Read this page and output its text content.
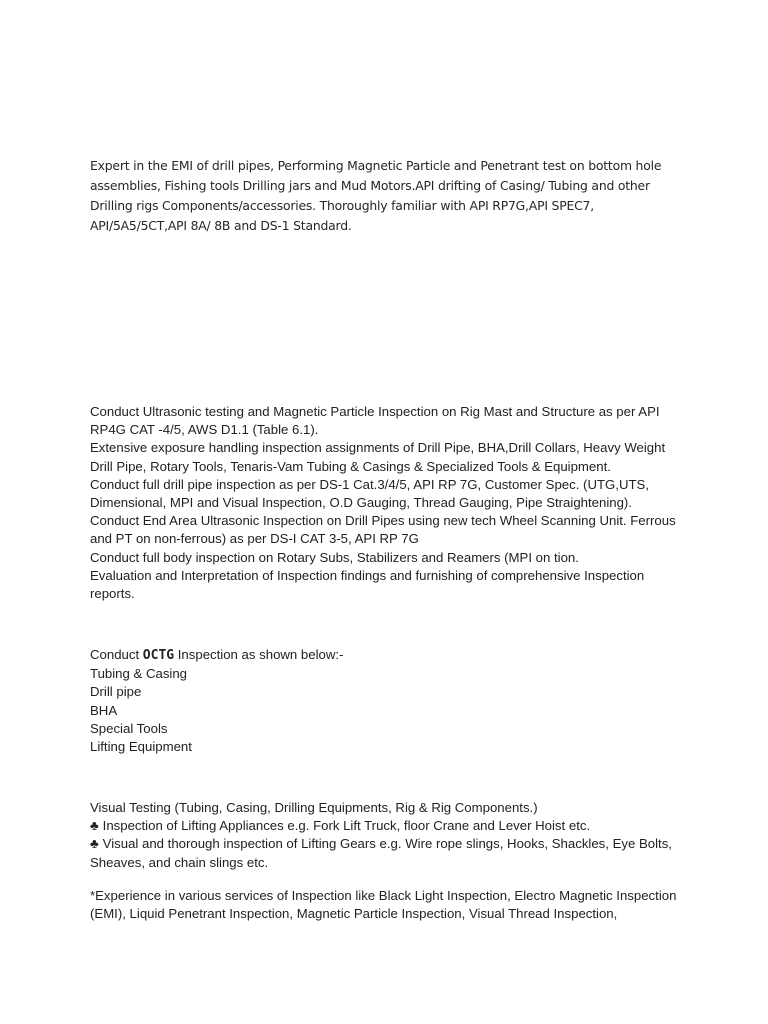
Expert in the EMI of drill pipes, Performing Magnetic Particle and Penetrant test on bottom hole assemblies, Fishing tools Drilling jars and Mud Motors.API drifting of Casing/ Tubing and other Drilling rigs Components/accessories. Thoroughly familiar with API RP7G,API SPEC7, API/5A5/5CT,API 8A/ 8B and DS-1 Standard.

Conduct Ultrasonic testing and Magnetic Particle Inspection on Rig Mast and Structure as per API RP4G CAT -4/5, AWS D1.1 (Table 6.1).

Extensive exposure handling inspection assignments of Drill Pipe, BHA,Drill Collars, Heavy Weight Drill Pipe, Rotary Tools, Tenaris-Vam Tubing & Casings & Specialized Tools & Equipment.

Conduct full drill pipe inspection as per DS-1 Cat.3/4/5, API RP 7G, Customer Spec. (UTG,UTS, Dimensional, MPI and Visual Inspection, O.D Gauging, Thread Gauging, Pipe Straightening).

Conduct End Area Ultrasonic Inspection on Drill Pipes using new tech Wheel Scanning Unit. Ferrous and PT on non-ferrous) as per DS-I CAT 3-5, API RP 7G

Conduct full body inspection on Rotary Subs, Stabilizers and Reamers (MPI on tion.

Evaluation and Interpretation of Inspection findings and furnishing of comprehensive Inspection reports.

Conduct OCTG Inspection as shown below:-

Tubing & Casing

Drill pipe

BHA

Special Tools

Lifting Equipment

Visual Testing (Tubing, Casing, Drilling Equipments, Rig & Rig Components.)

♣ Inspection of Lifting Appliances e.g. Fork Lift Truck, floor Crane and Lever Hoist etc.

♣ Visual and thorough inspection of Lifting Gears e.g. Wire rope slings, Hooks, Shackles, Eye Bolts, Sheaves, and chain slings etc.

*Experience in various services of Inspection like Black Light Inspection, Electro Magnetic Inspection (EMI), Liquid Penetrant Inspection, Magnetic Particle Inspection, Visual Thread Inspection,
